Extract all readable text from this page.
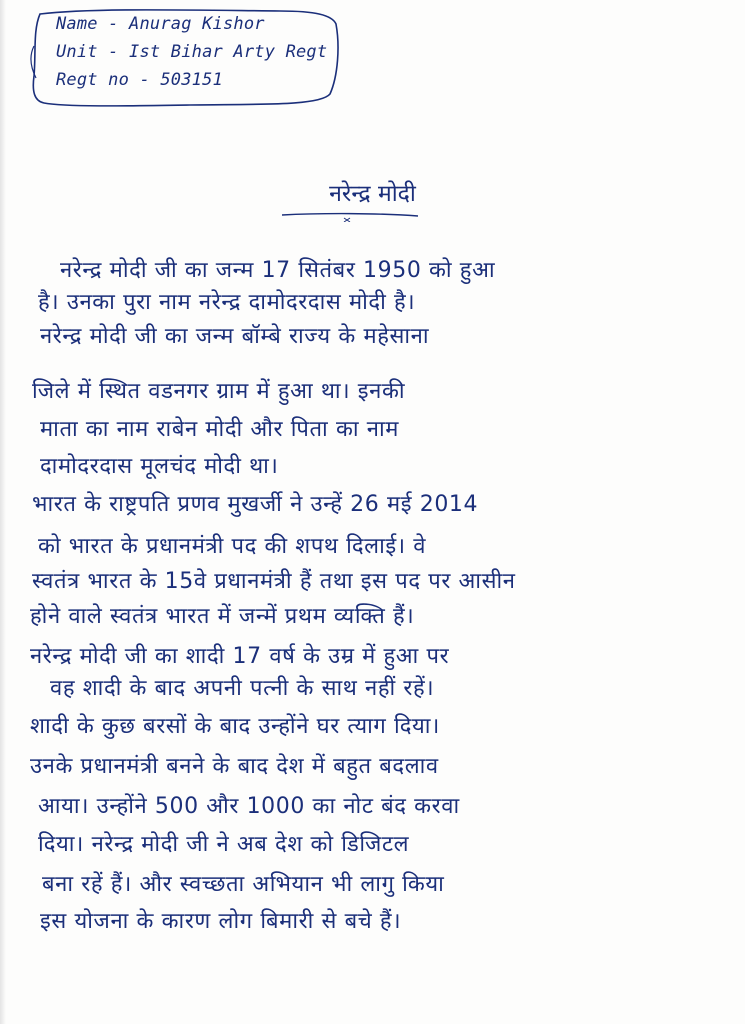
Name - Anurag Kishor
Unit - Ist Bihar Arty Regt
Regt no - 503151
नरेन्द्र मोदी
नरेन्द्र मोदी जी का जन्म 17 सितंबर 1950 को हुआ
है। उनका पुरा नाम नरेन्द्र दामोदरदास मोदी है।
नरेन्द्र मोदी जी का जन्म बॉम्बे राज्य के महेसाना
जिले में स्थित वडनगर ग्राम में हुआ था। इनकी
माता का नाम राबेन मोदी और पिता का नाम
दामोदरदास मूलचंद मोदी था।
भारत के राष्ट्रपति प्रणव मुखर्जी ने उन्हें 26 मई 2014
को भारत के प्रधानमंत्री पद की शपथ दिलाई। वे
स्वतंत्र भारत के 15वे प्रधानमंत्री हैं तथा इस पद पर आसीन
होने वाले स्वतंत्र भारत में जन्में प्रथम व्यक्ति हैं।
नरेन्द्र मोदी जी का शादी 17 वर्ष के उम्र में हुआ पर
वह शादी के बाद अपनी पत्नी के साथ नहीं रहें।
शादी के कुछ बरसों के बाद उन्होंने घर त्याग दिया।
उनके प्रधानमंत्री बनने के बाद देश में बहुत बदलाव
आया। उन्होंने 500 और 1000 का नोट बंद करवा
दिया। नरेन्द्र मोदी जी ने अब देश को डिजिटल
बना रहें हैं। और स्वच्छता अभियान भी लागु किया
इस योजना के कारण लोग बिमारी से बचे हैं।
